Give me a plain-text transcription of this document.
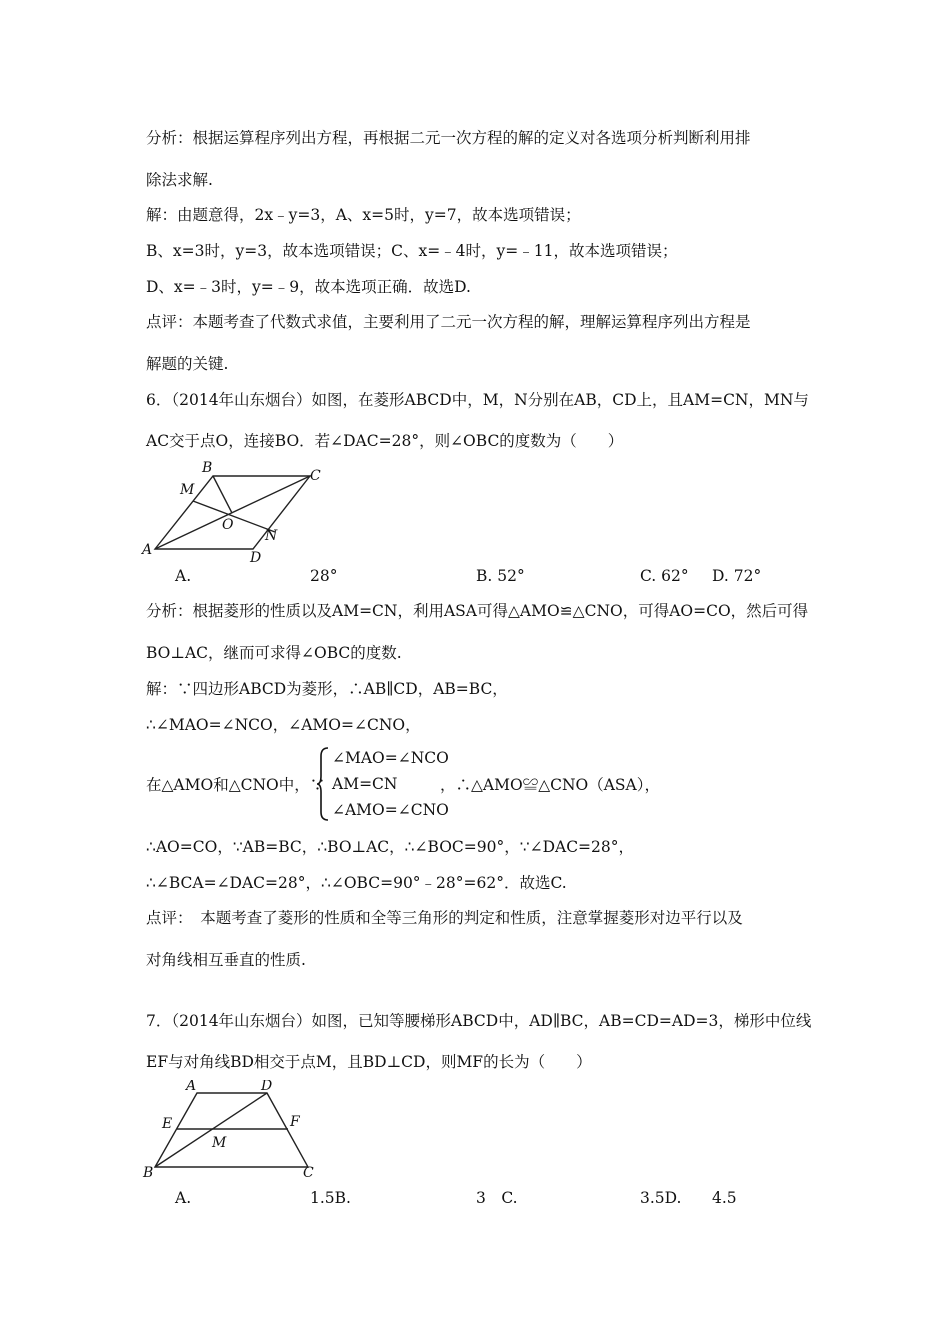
分析：根据运算程序列出方程，再根据二元一次方程的解的定义对各选项分析判断利用排
除法求解.
解：由题意得，2x﹣y=3，A、x=5时，y=7，故本选项错误；
B、x=3时，y=3，故本选项错误；C、x=﹣4时，y=﹣11，故本选项错误；
D、x=﹣3时，y=﹣9，故本选项正确．故选D.
点评：本题考查了代数式求值，主要利用了二元一次方程的解，理解运算程序列出方程是
解题的关键.
6．（2014年山东烟台）如图，在菱形ABCD中，M，N分别在AB，CD上，且AM=CN，MN与
AC交于点O，连接BO．若∠DAC=28°，则∠OBC的度数为（　　）
A
B	C
D
M
N
O
A.	28°	B. 52°	C. 62° D. 72°
分析：根据菱形的性质以及AM=CN，利用ASA可得△AMO≌△CNO，可得AO=CO，然后可得
BO⊥AC，继而可求得∠OBC的度数.
解：∵四边形ABCD为菱形，∴AB∥CD，AB=BC，
∴∠MAO=∠NCO，∠AMO=∠CNO，
在△AMO和△CNO中，∵
∠MAO=∠NCO
AM=CN
∠AMO=∠CNO
，∴△AMO≌△CNO（ASA），
∴AO=CO，∵AB=BC，∴BO⊥AC，∴∠BOC=90°，∵∠DAC=28°，
∴∠BCA=∠DAC=28°，∴∠OBC=90°﹣28°=62°．故选C.
点评：　本题考查了菱形的性质和全等三角形的判定和性质，注意掌握菱形对边平行以及
对角线相互垂直的性质.
7．（2014年山东烟台）如图，已知等腰梯形ABCD中，AD∥BC，AB=CD=AD=3，梯形中位线
EF与对角线BD相交于点M，且BD⊥CD，则MF的长为（　　）
A	D
E	F
M
B	C
A.	1.5B.	3　C.	3.5D. 4.5
